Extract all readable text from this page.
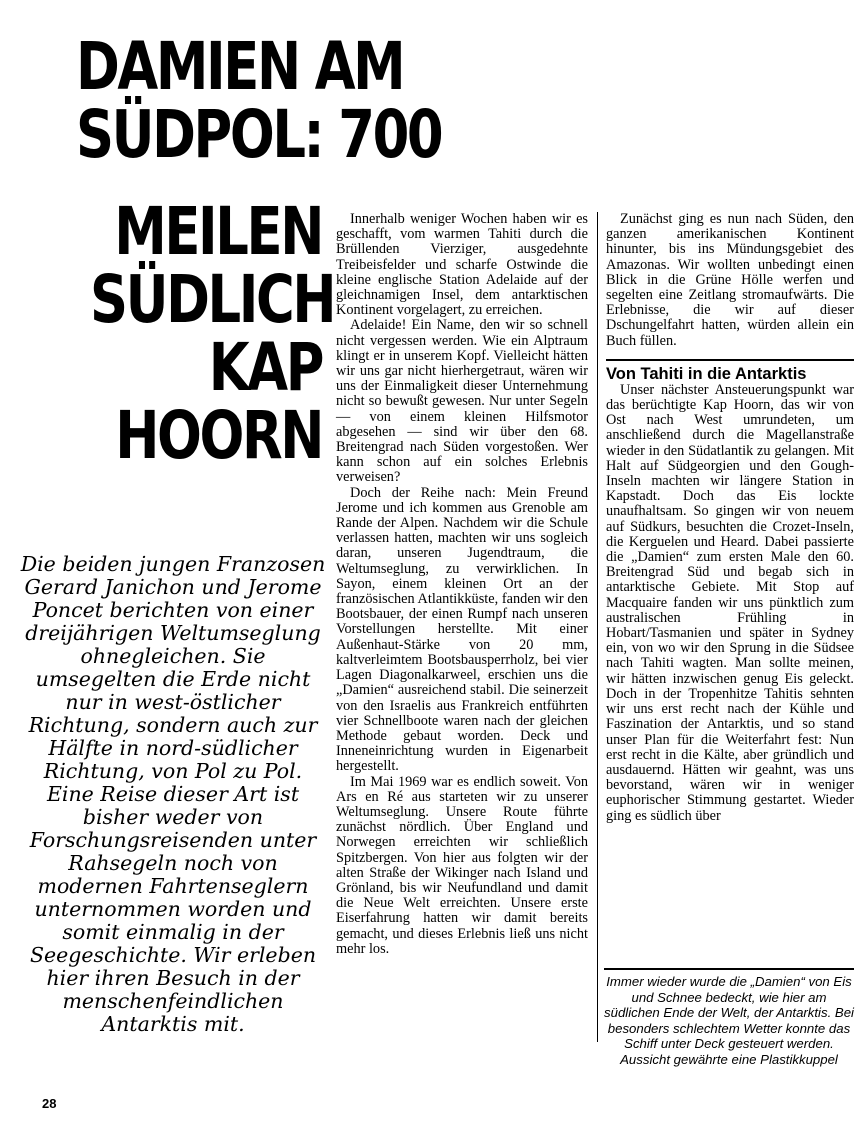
DAMIEN AM
SÜDPOL: 700
MEILEN
SÜDLICH
KAP
HOORN

Die beiden jungen Franzosen Gerard Janichon und Jerome Poncet berichten von einer dreijährigen Weltumseglung ohnegleichen. Sie umsegelten die Erde nicht nur in west-östlicher Richtung, sondern auch zur Hälfte in nord-südlicher Richtung, von Pol zu Pol. Eine Reise dieser Art ist bisher weder von Forschungsreisenden unter Rahsegeln noch von modernen Fahrtenseglern unternommen worden und somit einmalig in der Seegeschichte. Wir erleben hier ihren Besuch in der menschenfeindlichen Antarktis mit.

Innerhalb weniger Wochen haben wir es geschafft, vom warmen Tahiti durch die Brüllenden Vierziger, ausgedehnte Treibeisfelder und scharfe Ostwinde die kleine englische Station Adelaide auf der gleichnamigen Insel, dem antarktischen Kontinent vorgelagert, zu erreichen.

Adelaide! Ein Name, den wir so schnell nicht vergessen werden. Wie ein Alptraum klingt er in unserem Kopf. Vielleicht hätten wir uns gar nicht hierhergetraut, wären wir uns der Einmaligkeit dieser Unternehmung nicht so bewußt gewesen. Nur unter Segeln — von einem kleinen Hilfsmotor abgesehen — sind wir über den 68. Breitengrad nach Süden vorgestoßen. Wer kann schon auf ein solches Erlebnis verweisen?

Doch der Reihe nach: Mein Freund Jerome und ich kommen aus Grenoble am Rande der Alpen. Nachdem wir die Schule verlassen hatten, machten wir uns sogleich daran, unseren Jugendtraum, die Weltumseglung, zu verwirklichen. In Sayon, einem kleinen Ort an der französischen Atlantikküste, fanden wir den Bootsbauer, der einen Rumpf nach unseren Vorstellungen herstellte. Mit einer Außenhaut-Stärke von 20 mm, kaltverleimtem Bootsbausperrholz, bei vier Lagen Diagonalkarweel, erschien uns die „Damien“ ausreichend stabil. Die seinerzeit von den Israelis aus Frankreich entführten vier Schnellboote waren nach der gleichen Methode gebaut worden. Deck und Inneneinrichtung wurden in Eigenarbeit hergestellt.

Im Mai 1969 war es endlich soweit. Von Ars en Ré aus starteten wir zu unserer Weltumseglung. Unsere Route führte zunächst nördlich. Über England und Norwegen erreichten wir schließlich Spitzbergen. Von hier aus folgten wir der alten Straße der Wikinger nach Island und Grönland, bis wir Neufundland und damit die Neue Welt erreichten. Unsere erste Eiserfahrung hatten wir damit bereits gemacht, und dieses Erlebnis ließ uns nicht mehr los.

Zunächst ging es nun nach Süden, den ganzen amerikanischen Kontinent hinunter, bis ins Mündungsgebiet des Amazonas. Wir wollten unbedingt einen Blick in die Grüne Hölle werfen und segelten eine Zeitlang stromaufwärts. Die Erlebnisse, die wir auf dieser Dschungelfahrt hatten, würden allein ein Buch füllen.

Von Tahiti in die Antarktis

Unser nächster Ansteuerungspunkt war das berüchtigte Kap Hoorn, das wir von Ost nach West umrundeten, um anschließend durch die Magellanstraße wieder in den Südatlantik zu gelangen. Mit Halt auf Südgeorgien und den Gough-Inseln machten wir längere Station in Kapstadt. Doch das Eis lockte unaufhaltsam. So gingen wir von neuem auf Südkurs, besuchten die Crozet-Inseln, die Kerguelen und Heard. Dabei passierte die „Damien“ zum ersten Male den 60. Breitengrad Süd und begab sich in antarktische Gebiete. Mit Stop auf Macquaire fanden wir uns pünktlich zum australischen Frühling in Hobart/Tasmanien und später in Sydney ein, von wo wir den Sprung in die Südsee nach Tahiti wagten. Man sollte meinen, wir hätten inzwischen genug Eis geleckt. Doch in der Tropenhitze Tahitis sehnten wir uns erst recht nach der Kühle und Faszination der Antarktis, und so stand unser Plan für die Weiterfahrt fest: Nun erst recht in die Kälte, aber gründlich und ausdauernd. Hätten wir geahnt, was uns bevorstand, wären wir in weniger euphorischer Stimmung gestartet. Wieder ging es südlich über

Immer wieder wurde die „Damien“ von Eis und Schnee bedeckt, wie hier am südlichen Ende der Welt, der Antarktis. Bei besonders schlechtem Wetter konnte das Schiff unter Deck gesteuert werden. Aussicht gewährte eine Plastikkuppel
28
